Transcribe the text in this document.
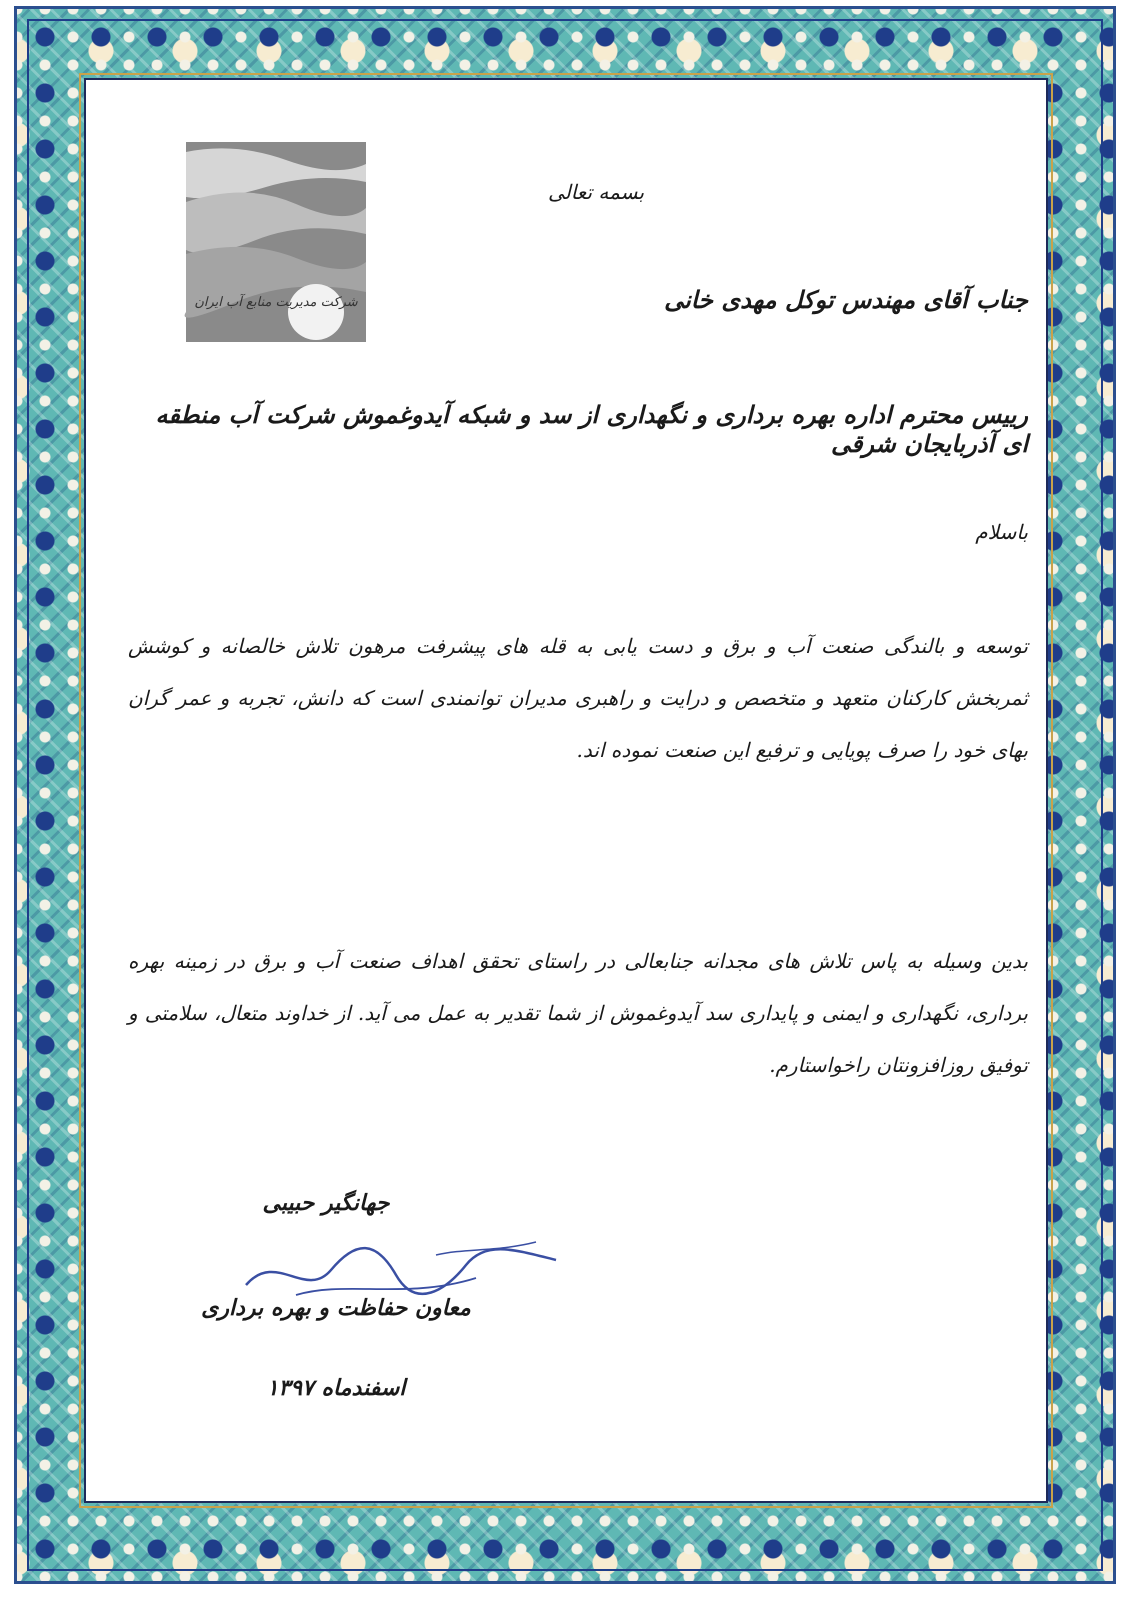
شرکت مدیریت منابع آب ایران
بسمه تعالی
جناب آقای مهندس توکل مهدی خانی
رییس محترم اداره بهره برداری و نگهداری از سد و شبکه آیدوغموش شرکت آب منطقه ای آذربایجان شرقی
باسلام
توسعه و بالندگی صنعت آب و برق و دست یابی به قله های پیشرفت مرهون تلاش خالصانه و کوشش ثمربخش کارکنان متعهد و متخصص و درایت و راهبری مدیران توانمندی است که دانش، تجربه و عمر گران بهای خود را صرف پویایی و ترفیع این صنعت نموده اند.
بدین وسیله به پاس تلاش های مجدانه جنابعالی در راستای تحقق اهداف صنعت آب و برق در زمینه بهره برداری، نگهداری و ایمنی و پایداری سد آیدوغموش از شما تقدیر به عمل می آید. از خداوند متعال، سلامتی و توفیق روزافزونتان راخواستارم.
جهانگیر حبیبی
معاون حفاظت و بهره برداری
اسفندماه ۱۳۹۷
